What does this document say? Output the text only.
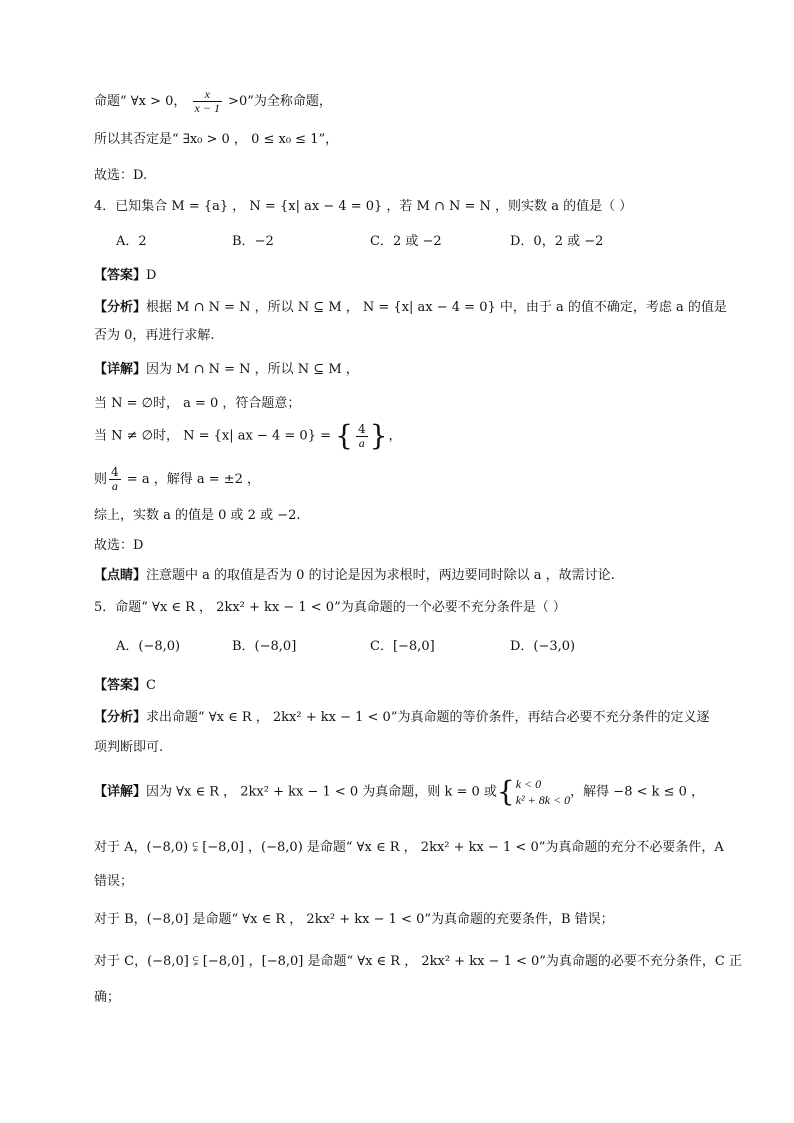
命题“ ∀x > 0， $\frac{x}{x - 1} >0$”为全称命题，
所以其否定是“ ∃x₀ > 0 ， 0 ≤ x₀ ≤ 1”，
故选：D.
4．已知集合 M = {a} ， N = {x| ax − 4 = 0} ，若 M ∩ N = N ，则实数 a 的值是（ ）
A．2	B．−2	C．2 或 −2	D．0，2 或 −2
【答案】D
【分析】根据 M ∩ N = N ，所以 N ⊆ M ， N = {x| ax − 4 = 0} 中，由于 a 的值不确定，考虑 a 的值是
否为 0，再进行求解.
【详解】因为 M ∩ N = N ，所以 N ⊆ M ，
当 N = ∅时， a = 0 ，符合题意；
当 N ≠ ∅时， N = {x| ax − 4 = 0} = { $\frac{4}{a}$ }，
则 $\frac{4}{a} = a$ ，解得 a = ±2 ，
综上，实数 a 的值是 0 或 2 或 −2.
故选：D
【点睛】注意题中 a 的取值是否为 0 的讨论是因为求根时，两边要同时除以 a ，故需讨论.
5．命题“ ∀x ∈ R ， 2kx² + kx − 1 < 0”为真命题的一个必要不充分条件是（ ）
A．(−8,0)	B．(−8,0]	C．[−8,0]	D．(−3,0)
【答案】C
【分析】求出命题“ ∀x ∈ R ， 2kx² + kx − 1 < 0”为真命题的等价条件，再结合必要不充分条件的定义逐
项判断即可.
【详解】因为 ∀x ∈ R ， 2kx² + kx − 1 < 0 为真命题，则 k = 0 或{ k < 0
k² + 8k < 0
，解得 −8 < k ≤ 0 ，
对于 A，(−8,0) ⫋ [−8,0] ，(−8,0) 是命题“ ∀x ∈ R ， 2kx² + kx − 1 < 0”为真命题的充分不必要条件，A
错误；
对于 B，(−8,0] 是命题“ ∀x ∈ R ， 2kx² + kx − 1 < 0”为真命题的充要条件，B 错误；
对于 C，(−8,0] ⫋ [−8,0] ，[−8,0] 是命题“ ∀x ∈ R ， 2kx² + kx − 1 < 0”为真命题的必要不充分条件，C 正
确；
